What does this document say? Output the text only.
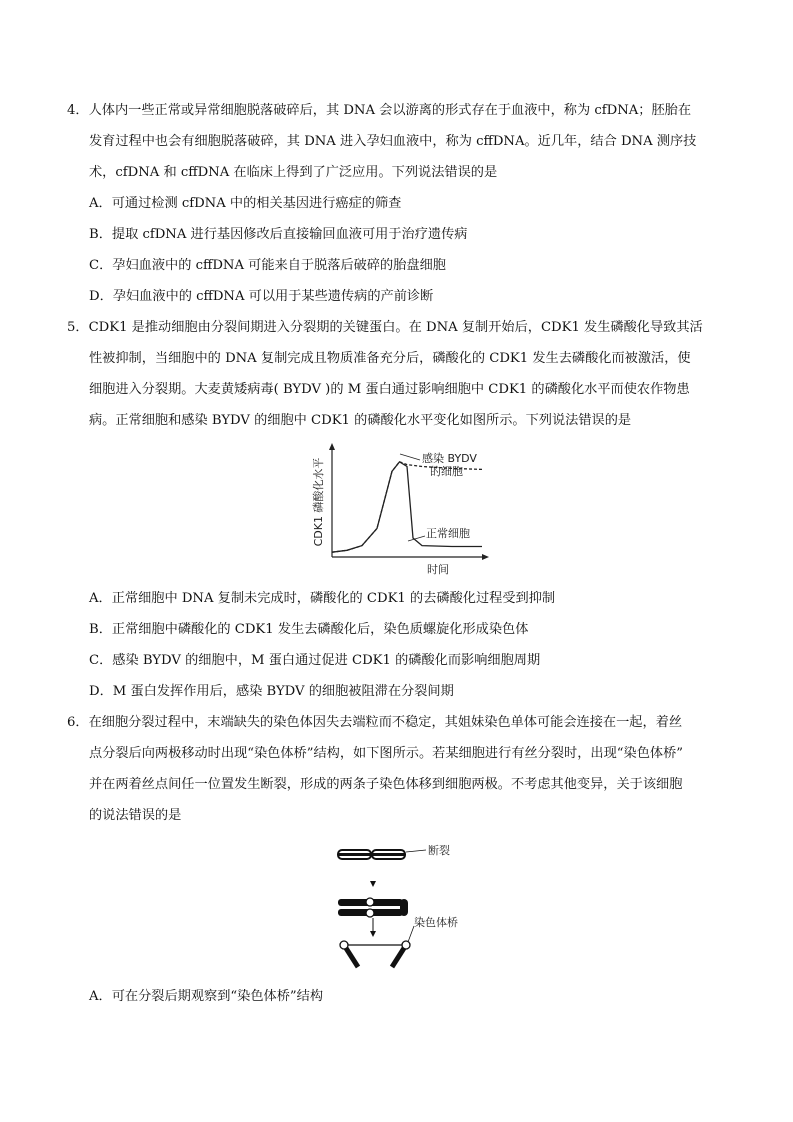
4．人体内一些正常或异常细胞脱落破碎后，其 DNA 会以游离的形式存在于血液中，称为 cfDNA；胚胎在
发育过程中也会有细胞脱落破碎，其 DNA 进入孕妇血液中，称为 cffDNA。近几年，结合 DNA 测序技
术，cfDNA 和 cffDNA 在临床上得到了广泛应用。下列说法错误的是
A．可通过检测 cfDNA 中的相关基因进行癌症的筛查
B．提取 cfDNA 进行基因修改后直接输回血液可用于治疗遗传病
C．孕妇血液中的 cffDNA 可能来自于脱落后破碎的胎盘细胞
D．孕妇血液中的 cffDNA 可以用于某些遗传病的产前诊断
5．CDK1 是推动细胞由分裂间期进入分裂期的关键蛋白。在 DNA 复制开始后，CDK1 发生磷酸化导致其活
性被抑制，当细胞中的 DNA 复制完成且物质准备充分后，磷酸化的 CDK1 发生去磷酸化而被激活，使
细胞进入分裂期。大麦黄矮病毒( BYDV )的 M 蛋白通过影响细胞中 CDK1 的磷酸化水平而使农作物患
病。正常细胞和感染 BYDV 的细胞中 CDK1 的磷酸化水平变化如图所示。下列说法错误的是
CDK1 磷酸化水平
时间
感染 BYDV
的细胞
正常细胞
A．正常细胞中 DNA 复制未完成时，磷酸化的 CDK1 的去磷酸化过程受到抑制
B．正常细胞中磷酸化的 CDK1 发生去磷酸化后，染色质螺旋化形成染色体
C．感染 BYDV 的细胞中，M 蛋白通过促进 CDK1 的磷酸化而影响细胞周期
D．M 蛋白发挥作用后，感染 BYDV 的细胞被阻滞在分裂间期
6．在细胞分裂过程中，末端缺失的染色体因失去端粒而不稳定，其姐妹染色单体可能会连接在一起，着丝
点分裂后向两极移动时出现“染色体桥”结构，如下图所示。若某细胞进行有丝分裂时，出现“染色体桥”
并在两着丝点间任一位置发生断裂，形成的两条子染色体移到细胞两极。不考虑其他变异，关于该细胞
的说法错误的是
断裂
染色体桥
A．可在分裂后期观察到“染色体桥”结构
